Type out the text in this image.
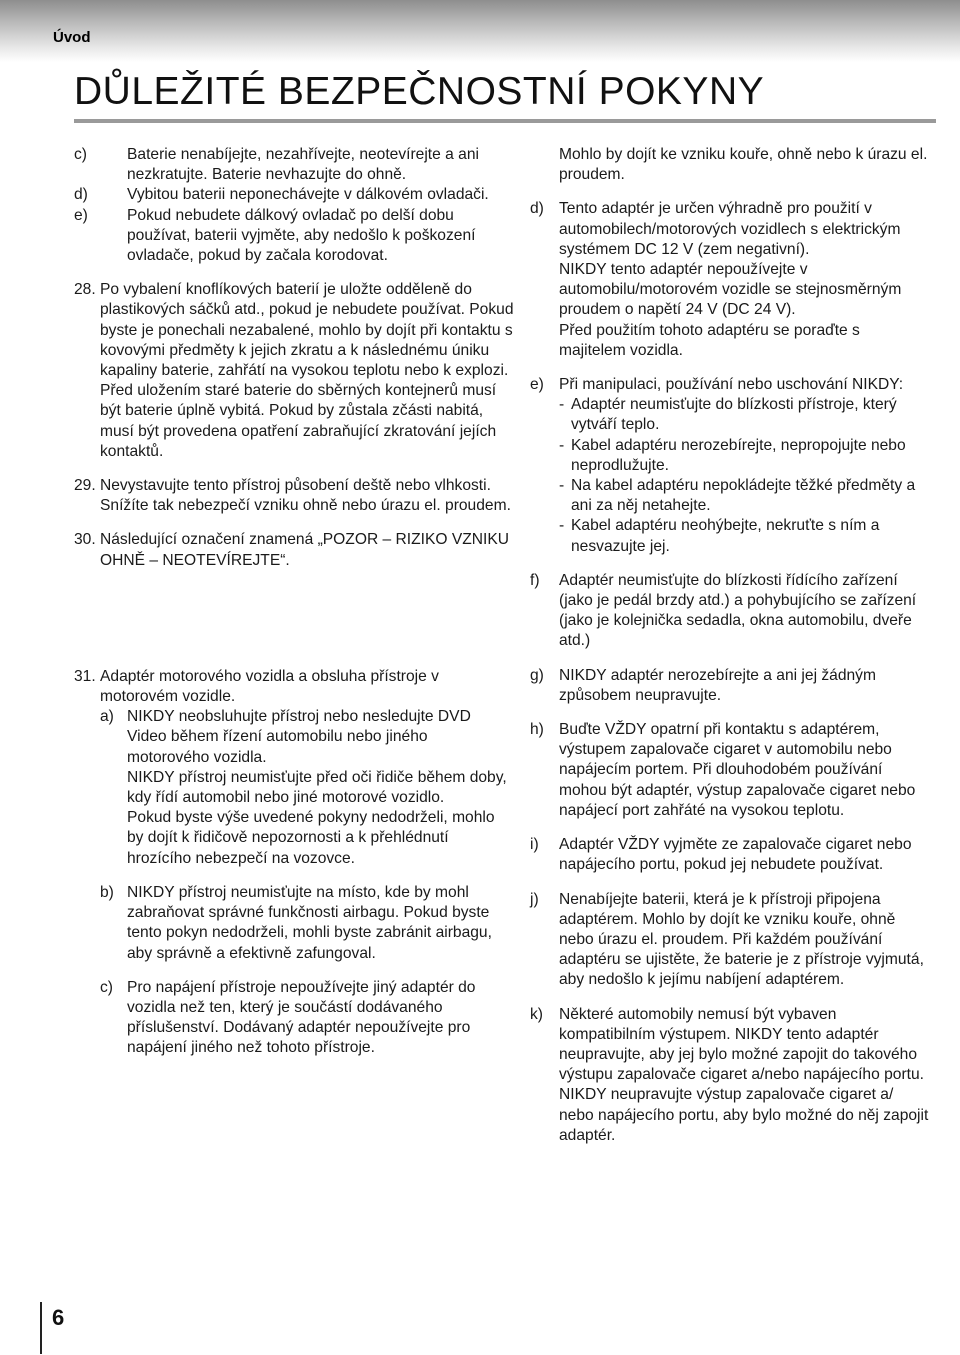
Úvod
DŮLEŽITÉ BEZPEČNOSTNÍ POKYNY
c)	Baterie nenabíjejte, nezahřívejte, neotevírejte a ani nezkratujte. Baterie nevhazujte do ohně.
d)	Vybitou baterii neponechávejte v dálkovém ovladači.
e)	Pokud nebudete dálkový ovladač po delší dobu používat, baterii vyjměte, aby nedošlo k poškození ovladače, pokud by začala korodovat.
28. Po vybalení knoflíkových baterií je uložte odděleně do plastikových sáčků atd., pokud je nebudete používat. Pokud byste je ponechali nezabalené, mohlo by dojít při kontaktu s kovovými předměty k jejich zkratu a k následnému úniku kapaliny baterie, zahřátí na vysokou teplotu nebo k explozi. Před uložením staré baterie do sběrných kontejnerů musí být baterie úplně vybitá. Pokud by zůstala zčásti nabitá, musí být provedena opatření zabraňující zkratování jejích kontaktů.
29. Nevystavujte tento přístroj působení deště nebo vlhkosti. Snížíte tak nebezpečí vzniku ohně nebo úrazu el. proudem.
30. Následující označení znamená „POZOR – RIZIKO VZNIKU OHNĚ – NEOTEVÍREJTE“.
31. Adaptér motorového vozidla a obsluha přístroje v motorovém vozidle.
a) NIKDY neobsluhujte přístroj nebo nesledujte DVD Video během řízení automobilu nebo jiného motorového vozidla.
NIKDY přístroj neumisťujte před oči řidiče během doby, kdy řídí automobil nebo jiné motorové vozidlo.
Pokud byste výše uvedené pokyny nedodrželi, mohlo by dojít k řidičově nepozornosti a k přehlédnutí hrozícího nebezpečí na vozovce.
b) NIKDY přístroj neumisťujte na místo, kde by mohl zabraňovat správné funkčnosti airbagu. Pokud byste tento pokyn nedodrželi, mohli byste zabránit airbagu, aby správně a efektivně zafungoval.
c) Pro napájení přístroje nepoužívejte jiný adaptér do vozidla než ten, který je součástí dodávaného příslušenství. Dodávaný adaptér nepoužívejte pro napájení jiného než tohoto přístroje.
Mohlo by dojít ke vzniku kouře, ohně nebo k úrazu el. proudem.
d) Tento adaptér je určen výhradně pro použití v automobilech/motorových vozidlech s elektrickým systémem DC 12 V (zem negativní).
NIKDY tento adaptér nepoužívejte v automobilu/motorovém vozidle se stejnosměrným proudem o napětí 24 V (DC 24 V).
Před použitím tohoto adaptéru se poraďte s majitelem vozidla.
e) Při manipulaci, používání nebo uschování NIKDY:
- Adaptér neumisťujte do blízkosti přístroje, který vytváří teplo.
- Kabel adaptéru nerozebírejte, nepropojujte nebo neprodlužujte.
- Na kabel adaptéru nepokládejte těžké předměty a ani za něj netahejte.
- Kabel adaptéru neohýbejte, nekruťte s ním a nesvazujte jej.
f) Adaptér neumisťujte do blízkosti řídícího zařízení (jako je pedál brzdy atd.) a pohybujícího se zařízení (jako je kolejnička sedadla, okna automobilu, dveře atd.)
g) NIKDY adaptér nerozebírejte a ani jej žádným způsobem neupravujte.
h) Buďte VŽDY opatrní při kontaktu s adaptérem, výstupem zapalovače cigaret v automobilu nebo napájecím portem. Při dlouhodobém používání mohou být adaptér, výstup zapalovače cigaret nebo napájecí port zahřáté na vysokou teplotu.
i) Adaptér VŽDY vyjměte ze zapalovače cigaret nebo napájecího portu, pokud jej nebudete používat.
j) Nenabíjejte baterii, která je k přístroji připojena adaptérem. Mohlo by dojít ke vzniku kouře, ohně nebo úrazu el. proudem. Při každém používání adaptéru se ujistěte, že baterie je z přístroje vyjmutá, aby nedošlo k jejímu nabíjení adaptérem.
k) Některé automobily nemusí být vybaven kompatibilním výstupem. NIKDY tento adaptér neupravujte, aby jej bylo možné zapojit do takového výstupu zapalovače cigaret a/nebo napájecího portu. NIKDY neupravujte výstup zapalovače cigaret a/ nebo napájecího portu, aby bylo možné do něj zapojit adaptér.
6
